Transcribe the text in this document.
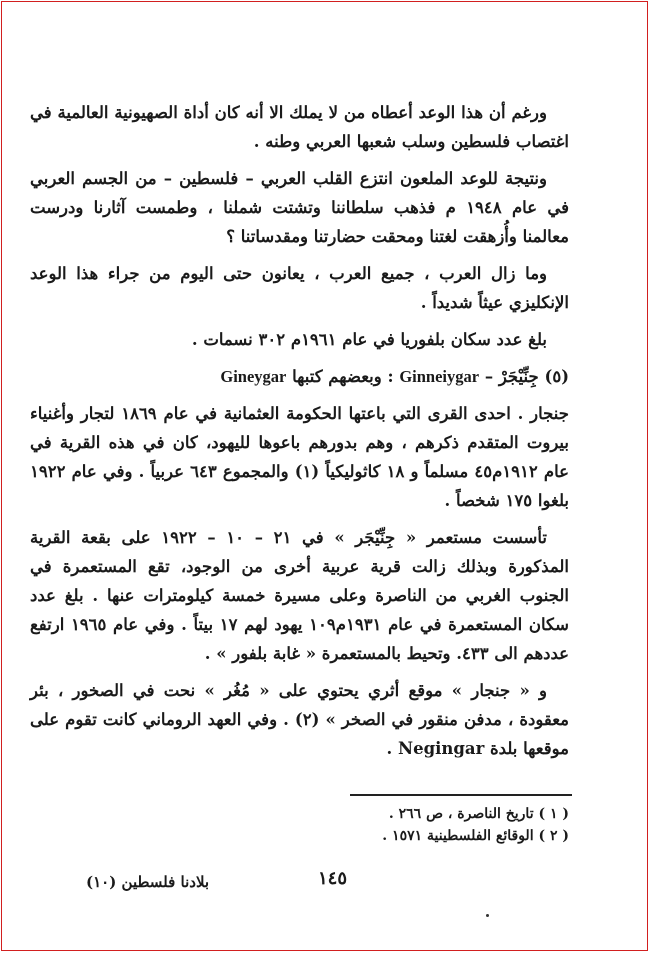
ورغم أن هذا الوعد أعطاه من لا يملك الا أنه كان أداة الصهيونية العالمية في اغتصاب فلسطين وسلب شعبها العربي وطنه .

ونتيجة للوعد الملعون انتزع القلب العربي – فلسطين – من الجسم العربي في عام ١٩٤٨ م فذهب سلطاننا وتشتت شملنا ، وطمست آثارنا ودرست معالمنا وأُزهقت لغتنا ومحقت حضارتنا ومقدساتنا ؟

وما زال العرب ، جميع العرب ، يعانون حتى اليوم من جراء هذا الوعد الإنكليزي عيثاً شديداً .

بلغ عدد سكان بلفوريا في عام ١٩٦١م ٣٠٢ نسمات .

(٥) جِنِّيْجَرْ – Ginneiygar : وبعضهم كتبها Gineygar

جنجار . احدى القرى التي باعتها الحكومة العثمانية في عام ١٨٦٩ لتجار وأغنياء بيروت المتقدم ذكرهم ، وهم بدورهم باعوها لليهود، كان في هذه القرية في عام ١٩١٢م٤٥ مسلماً و ١٨ كاثوليكياً (١) والمجموع ٦٤٣ عربياً . وفي عام ١٩٢٢ بلغوا ١٧٥ شخصاً .

تأسست مستعمر « جِنِّيْجَر » في ٢١ – ١٠ – ١٩٢٢ على بقعة القرية المذكورة وبذلك زالت قرية عربية أخرى من الوجود، تقع المستعمرة في الجنوب الغربي من الناصرة وعلى مسيرة خمسة كيلومترات عنها . بلغ عدد سكان المستعمرة في عام ١٩٣١م١٠٩ يهود لهم ١٧ بيتاً . وفي عام ١٩٦٥ ارتفع عددهم الى ٤٣٣. وتحيط بالمستعمرة « غابة بلفور » .

و « جنجار » موقع أثري يحتوي على « مُغُر » نحت في الصخور ، بئر معقودة ، مدفن منقور في الصخر » (٢) . وفي العهد الروماني كانت تقوم على موقعها بلدة Negingar .

( ١ ) تاريخ الناصرة ، ص ٢٦٦ .
( ٢ ) الوقائع الفلسطينية ١٥٧١ .
١٤٥
بلادنا فلسطين (١٠)
